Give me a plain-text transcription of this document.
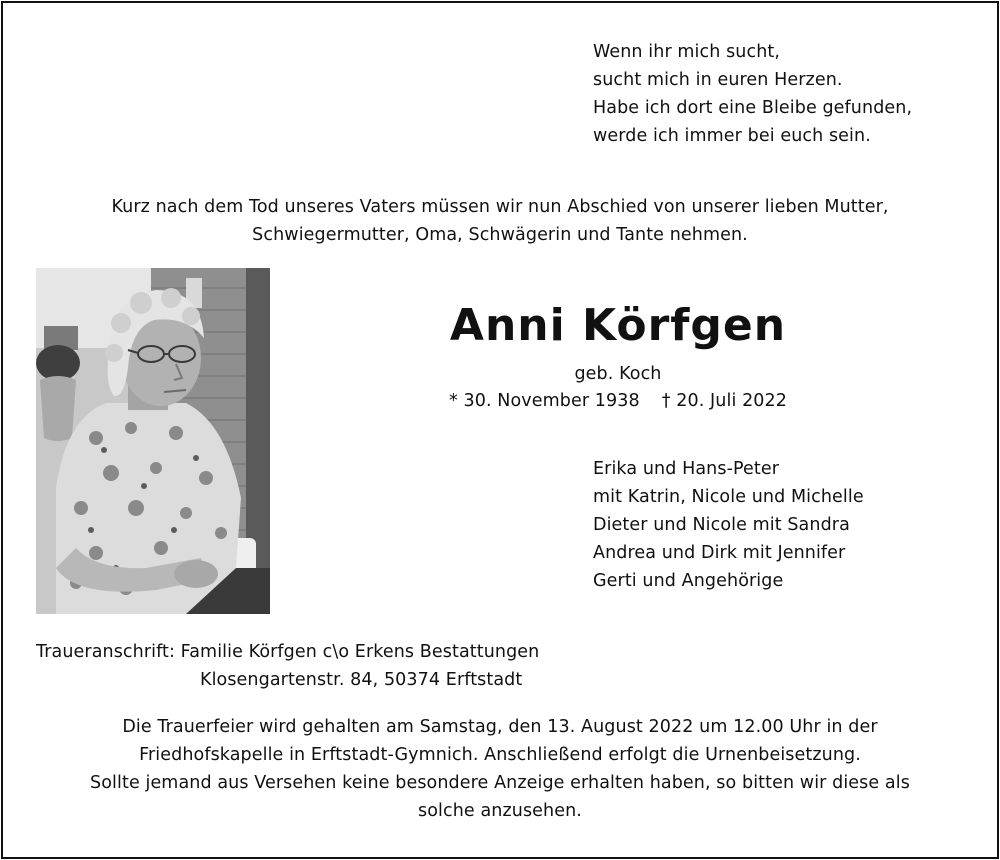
Wenn ihr mich sucht,
sucht mich in euren Herzen.
Habe ich dort eine Bleibe gefunden,
werde ich immer bei euch sein.
Kurz nach dem Tod unseres Vaters müssen wir nun Abschied von unserer lieben Mutter,
Schwiegermutter, Oma, Schwägerin und Tante nehmen.
Anni Körfgen
geb. Koch
* 30. November 1938 † 20. Juli 2022
Erika und Hans-Peter
mit Katrin, Nicole und Michelle
Dieter und Nicole mit Sandra
Andrea und Dirk mit Jennifer
Gerti und Angehörige
Traueranschrift: Familie Körfgen c\o Erkens Bestattungen
Klosengartenstr. 84, 50374 Erftstadt
Die Trauerfeier wird gehalten am Samstag, den 13. August 2022 um 12.00 Uhr in der
Friedhofskapelle in Erftstadt-Gymnich. Anschließend erfolgt die Urnenbeisetzung.
Sollte jemand aus Versehen keine besondere Anzeige erhalten haben, so bitten wir diese als
solche anzusehen.
